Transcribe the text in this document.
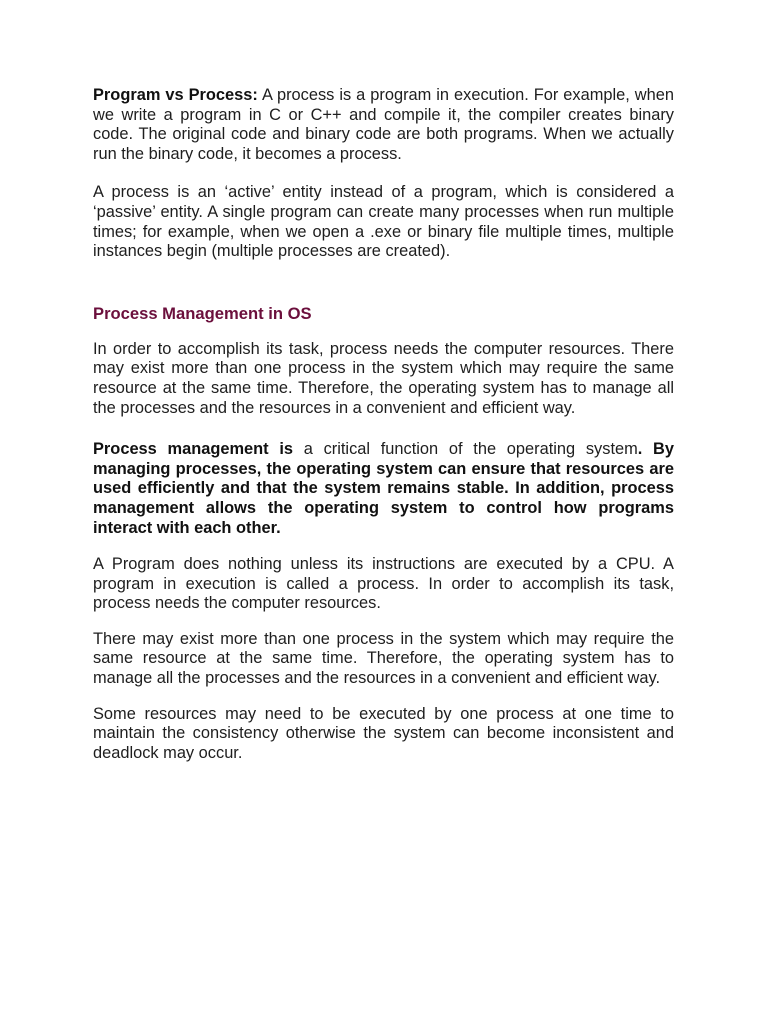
Program vs Process: A process is a program in execution. For example, when we write a program in C or C++ and compile it, the compiler creates binary code. The original code and binary code are both programs. When we actually run the binary code, it becomes a process.

A process is an ‘active’ entity instead of a program, which is considered a ‘passive’ entity. A single program can create many processes when run multiple times; for example, when we open a .exe or binary file multiple times, multiple instances begin (multiple processes are created).

Process Management in OS

In order to accomplish its task, process needs the computer resources. There may exist more than one process in the system which may require the same resource at the same time. Therefore, the operating system has to manage all the processes and the resources in a convenient and efficient way.

Process management is a critical function of the operating system. By managing processes, the operating system can ensure that resources are used efficiently and that the system remains stable. In addition, process management allows the operating system to control how programs interact with each other.

A Program does nothing unless its instructions are executed by a CPU. A program in execution is called a process. In order to accomplish its task, process needs the computer resources.

There may exist more than one process in the system which may require the same resource at the same time. Therefore, the operating system has to manage all the processes and the resources in a convenient and efficient way.

Some resources may need to be executed by one process at one time to maintain the consistency otherwise the system can become inconsistent and deadlock may occur.
